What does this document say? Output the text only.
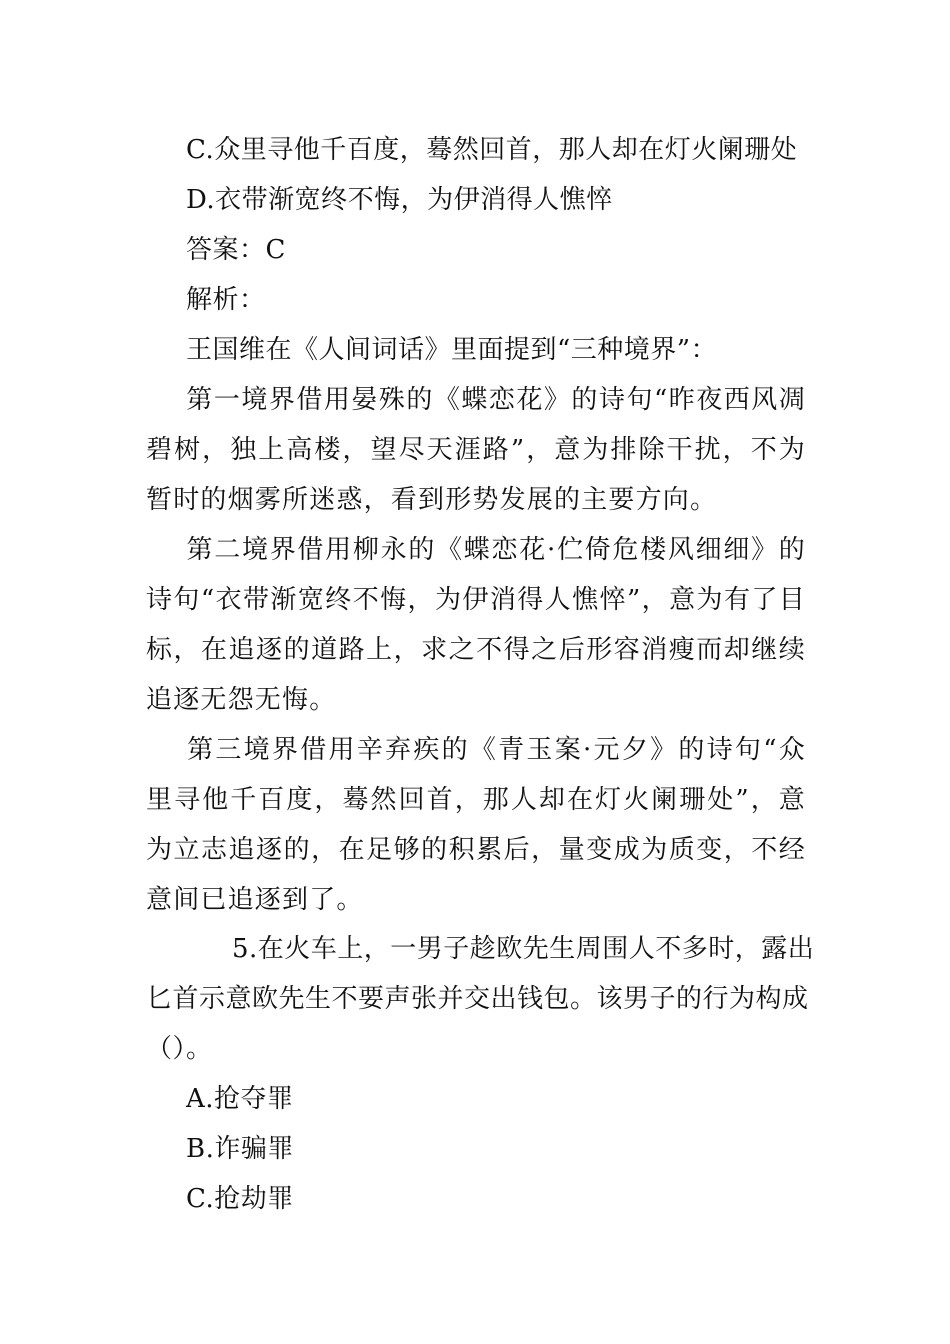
C.众里寻他千百度，蓦然回首，那人却在灯火阑珊处
D.衣带渐宽终不悔，为伊消得人憔悴
答案：C
解析：
王国维在《人间词话》里面提到“三种境界”：
第一境界借用晏殊的《蝶恋花》的诗句“昨夜西风凋碧树，独上高楼，望尽天涯路”，意为排除干扰，不为暂时的烟雾所迷惑，看到形势发展的主要方向。
第二境界借用柳永的《蝶恋花·伫倚危楼风细细》的诗句“衣带渐宽终不悔，为伊消得人憔悴”，意为有了目标，在追逐的道路上，求之不得之后形容消瘦而却继续追逐无怨无悔。
第三境界借用辛弃疾的《青玉案·元夕》的诗句“众里寻他千百度，蓦然回首，那人却在灯火阑珊处”，意为立志追逐的，在足够的积累后，量变成为质变，不经意间已追逐到了。
5.在火车上，一男子趁欧先生周围人不多时，露出
匕首示意欧先生不要声张并交出钱包。该男子的行为构成
（）。
A.抢夺罪
B.诈骗罪
C.抢劫罪
